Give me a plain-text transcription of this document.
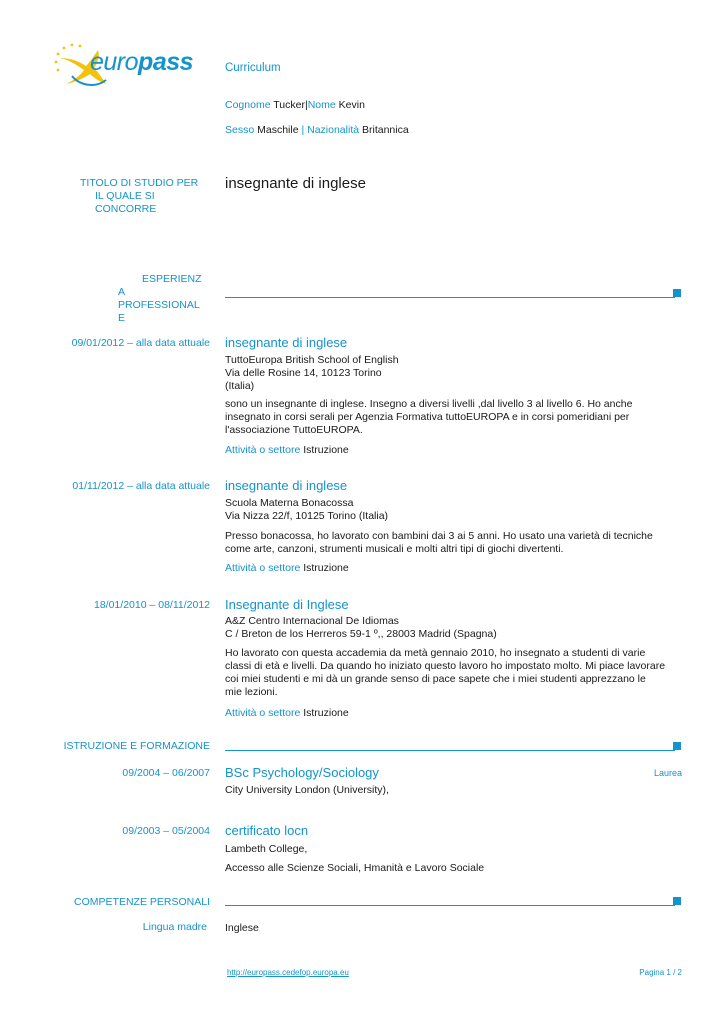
europass	Curriculum
Cognome Tucker|Nome Kevin
Sesso Maschile | Nazionalità Britannica
TITOLO DI STUDIO PER
IL QUALE SI
CONCORRE
insegnante di inglese
ESPERIENZ
A
PROFESSIONAL
E
09/01/2012 – alla data attuale insegnante di inglese
TuttoEuropa British School of English
Via delle Rosine 14, 10123 Torino
(Italia)
sono un insegnante di inglese. Insegno a diversi livelli ,dal livello 3 al livello 6. Ho anche
insegnato in corsi serali per Agenzia Formativa tuttoEUROPA e in corsi pomeridiani per
l'associazione TuttoEUROPA.
Attività o settore Istruzione
01/11/2012 – alla data attuale insegnante di inglese
Scuola Materna Bonacossa
Via Nizza 22/f, 10125 Torino (Italia)
Presso bonacossa, ho lavorato con bambini dai 3 ai 5 anni. Ho usato una varietà di tecniche
come arte, canzoni, strumenti musicali e molti altri tipi di giochi divertenti.
Attività o settore Istruzione
18/01/2010 – 08/11/2012 Insegnante di Inglese
A&Z Centro Internacional De Idiomas
C / Breton de los Herreros 59-1 º,, 28003 Madrid (Spagna)
Ho lavorato con questa accademia da metà gennaio 2010, ho insegnato a studenti di varie
classi di età e livelli. Da quando ho iniziato questo lavoro ho impostato molto. Mi piace lavorare
coi miei studenti e mi dà un grande senso di pace sapete che i miei studenti apprezzano le
mie lezioni.
Attività o settore Istruzione
ISTRUZIONE E FORMAZIONE
09/2004 – 06/2007 BSc Psychology/Sociology	Laurea
City University London (University),
09/2003 – 05/2004 certificato locn
Lambeth College,
Accesso alle Scienze Sociali, Hmanità e Lavoro Sociale
COMPETENZE PERSONALI
Lingua madre Inglese
http://europass.cedefop.europa.eu	Pagina 1 / 2
